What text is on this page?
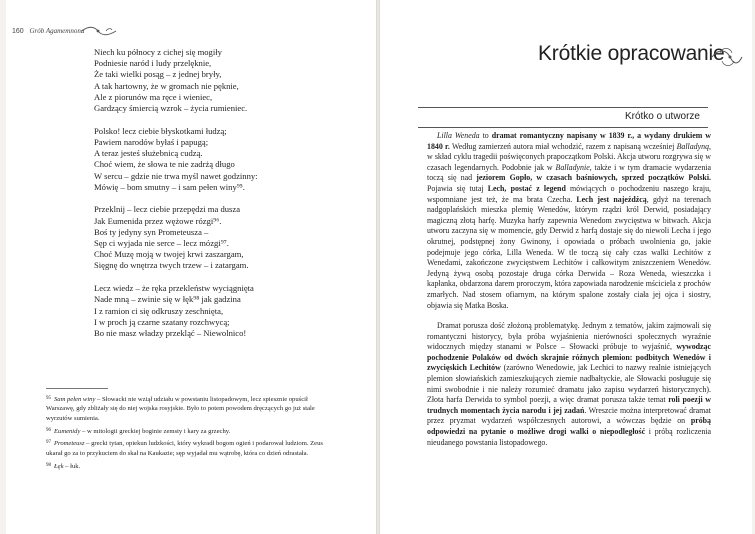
160 Grób Agamemnona
Niech ku północy z cichej się mogiły
Podniesie naród i ludy przelęknie,
Że taki wielki posąg – z jednej bryły,
A tak hartowny, że w gromach nie pęknie,
Ale z piorunów ma ręce i wieniec,
Gardzący śmiercią wzrok – życia rumieniec.
Polsko! lecz ciebie błyskotkami łudzą;
Pawiem narodów byłaś i papugą;
A teraz jesteś służebnicą cudzą.
Choć wiem, że słowa te nie zadrżą długo
W sercu – gdzie nie trwa myśl nawet godzinny:
Mówię – bom smutny – i sam pełen winy⁹⁵.
Przeklnij – lecz ciebie przepędzi ma dusza
Jak Eumenida przez wężowe rózgi⁹⁶.
Boś ty jedyny syn Prometeusza –
Sęp ci wyjada nie serce – lecz mózgi⁹⁷.
Choć Muzę moją w twojej krwi zaszargam,
Sięgnę do wnętrza twych trzew – i zatargam.
Lecz wiedz – że ręka przekleństw wyciągnięta
Nade mną – zwinie się w łęk⁹⁸ jak gadzina
I z ramion ci się odkruszy zeschnięta,
I w proch ją czarne szatany rozchwycą;
Bo nie masz władzy przekląć – Niewolnico!
$^{95}$ Sam pełen winy – Słowacki nie wziął udziału w powstaniu listopadowym, lecz spiesznie opuścił Warszawę, gdy zbliżały się do niej wojska rosyjskie. Było to potem powodem dręczących go już stale wyrzutów sumienia.
$^{96}$ Eumenidy – w mitologii greckiej boginie zemsty i kary za grzechy.
$^{97}$ Prometeusz – grecki tytan, opiekun ludzkości, który wykradł bogom ogień i podarował ludziom. Zeus ukarał go za to przykuciem do skał na Kaukazie; sęp wyjadał mu wątrobę, która co dzień odrastała.
$^{98}$ Łęk – łuk.
Krótkie opracowanie
Krótko o utworze

Lilla Weneda to dramat romantyczny napisany w 1839 r., a wydany drukiem w 1840 r. Według zamierzeń autora miał wchodzić, razem z napisaną wcześniej Balladyną, w skład cyklu tragedii poświęconych prapoczątkom Polski. Akcja utworu rozgrywa się w czasach legendarnych. Podobnie jak w Balladynie, także i w tym dramacie wydarzenia toczą się nad jeziorem Gopło, w czasach baśniowych, sprzed początków Polski. Pojawia się tutaj Lech, postać z legend mówiących o pochodzeniu naszego kraju, wspomniane jest też, że ma brata Czecha. Lech jest najeźdźcą, gdyż na terenach nadgoplańskich mieszka plemię Wenedów, którym rządzi król Derwid, posiadający magiczną złotą harfę. Muzyka harfy zapewnia Wenedom zwycięstwa w bitwach. Akcja utworu zaczyna się w momencie, gdy Derwid z harfą dostaje się do niewoli Lecha i jego okrutnej, podstępnej żony Gwinony, i opowiada o próbach uwolnienia go, jakie podejmuje jego córka, Lilla Weneda. W tle toczą się cały czas walki Lechitów z Wenedami, zakończone zwycięstwem Lechitów i całkowitym zniszczeniem Wenedów. Jedyną żywą osobą pozostaje druga córka Derwida – Roza Weneda, wieszczka i kapłanka, obdarzona darem proroczym, która zapowiada narodzenie mściciela z prochów zmarłych. Nad stosem ofiarnym, na którym spalone zostały ciała jej ojca i siostry, objawia się Matka Boska.

Dramat porusza dość złożoną problematykę. Jednym z tematów, jakim zajmowali się romantyczni historycy, była próba wyjaśnienia nierówności społecznych wyraźnie widocznych między stanami w Polsce – Słowacki próbuje to wyjaśnić, wywodząc pochodzenie Polaków od dwóch skrajnie różnych plemion: podbitych Wenedów i zwycięskich Lechitów (zarówno Wenedowie, jak Lechici to nazwy realnie istniejących plemion słowiańskich zamieszkujących ziemie nadbałtyckie, ale Słowacki posługuje się nimi swobodnie i nie należy rozumieć dramatu jako zapisu wydarzeń historycznych). Złota harfa Derwida to symbol poezji, a więc dramat porusza także temat roli poezji w trudnych momentach życia narodu i jej zadań. Wreszcie można interpretować dramat przez pryzmat wydarzeń współczesnych autorowi, a wówczas będzie on próbą odpowiedzi na pytanie o możliwe drogi walki o niepodległość i próbą rozliczenia nieudanego powstania listopadowego.
